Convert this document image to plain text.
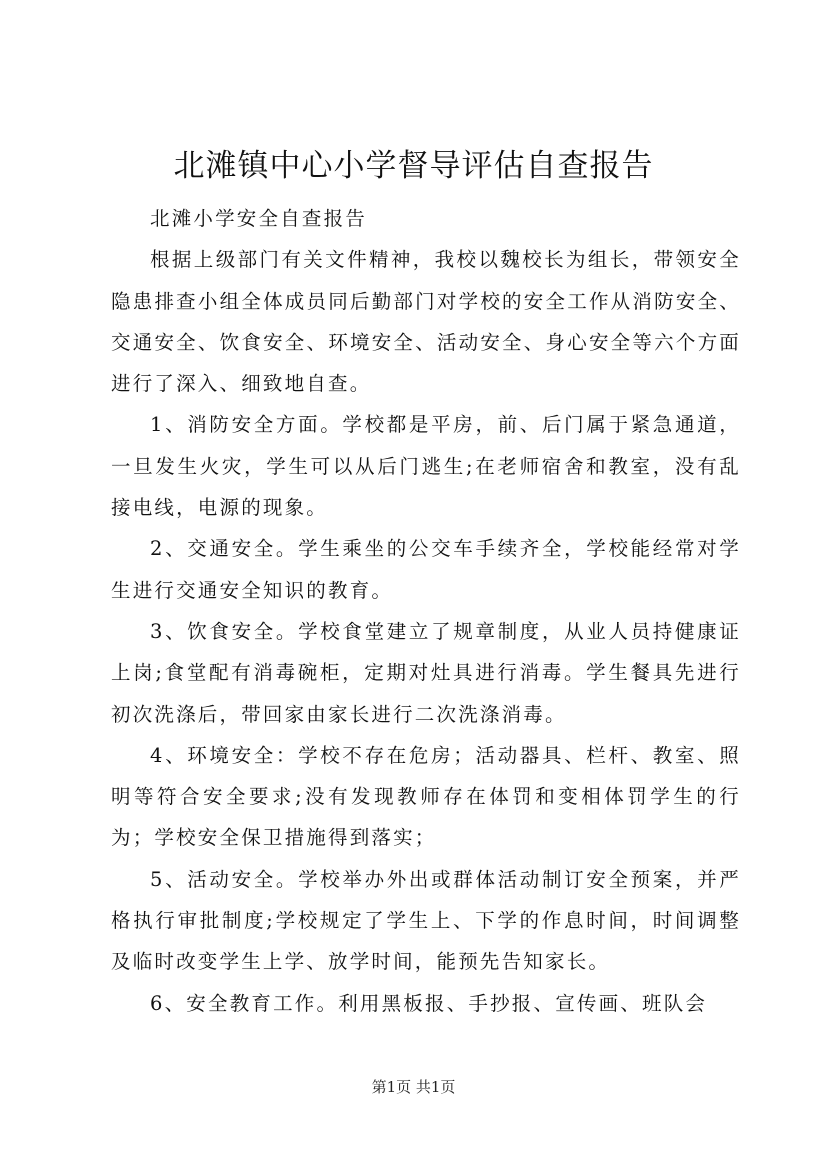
北滩镇中心小学督导评估自查报告

北滩小学安全自查报告

根据上级部门有关文件精神，我校以魏校长为组长，带领安全隐患排查小组全体成员同后勤部门对学校的安全工作从消防安全、交通安全、饮食安全、环境安全、活动安全、身心安全等六个方面进行了深入、细致地自查。

1、消防安全方面。学校都是平房，前、后门属于紧急通道，一旦发生火灾，学生可以从后门逃生;在老师宿舍和教室，没有乱接电线，电源的现象。

2、交通安全。学生乘坐的公交车手续齐全，学校能经常对学生进行交通安全知识的教育。

3、饮食安全。学校食堂建立了规章制度，从业人员持健康证上岗;食堂配有消毒碗柜，定期对灶具进行消毒。学生餐具先进行初次洗涤后，带回家由家长进行二次洗涤消毒。

4、环境安全：学校不存在危房；活动器具、栏杆、教室、照明等符合安全要求;没有发现教师存在体罚和变相体罚学生的行为；学校安全保卫措施得到落实；

5、活动安全。学校举办外出或群体活动制订安全预案，并严格执行审批制度;学校规定了学生上、下学的作息时间，时间调整及临时改变学生上学、放学时间，能预先告知家长。

6、安全教育工作。利用黑板报、手抄报、宣传画、班队会

第1页 共1页
